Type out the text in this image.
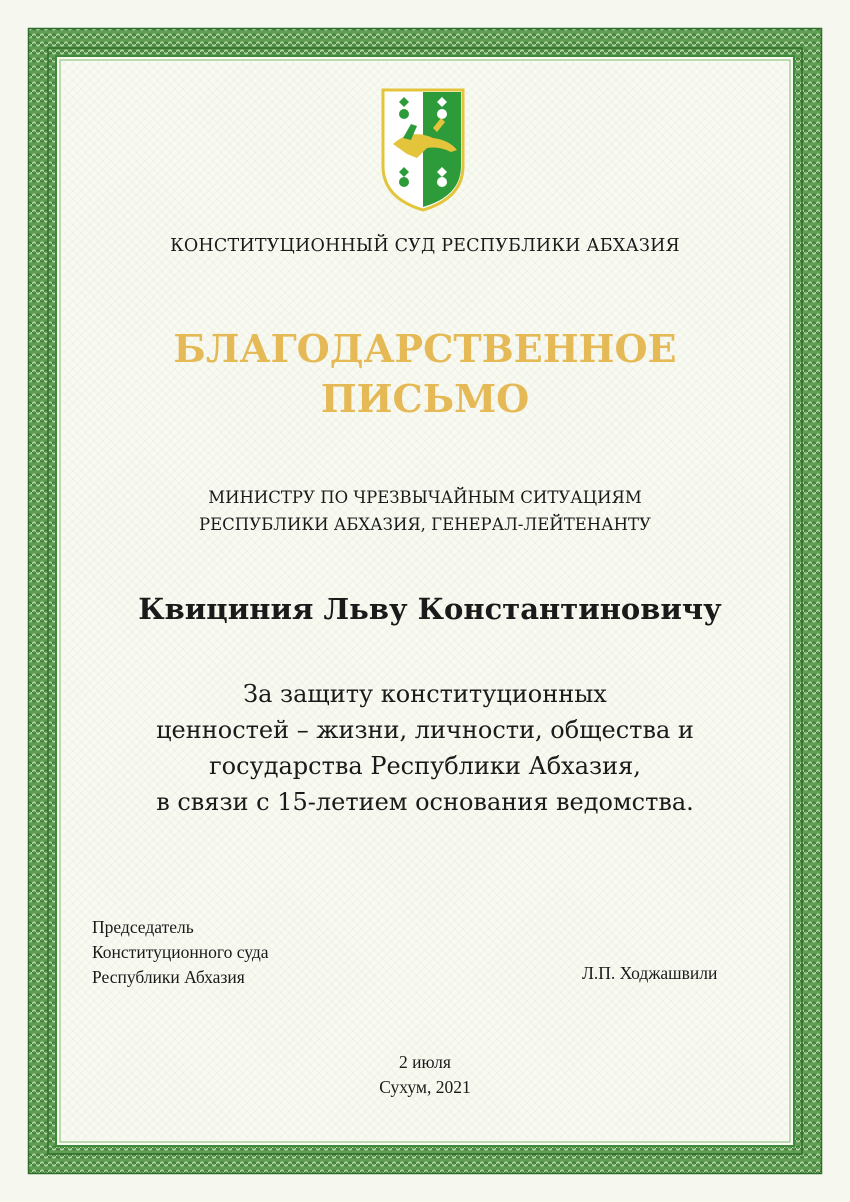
КОНСТИТУЦИОННЫЙ СУД РЕСПУБЛИКИ АБХАЗИЯ
БЛАГОДАРСТВЕННОЕ
ПИСЬМО
МИНИСТРУ ПО ЧРЕЗВЫЧАЙНЫМ СИТУАЦИЯМ
РЕСПУБЛИКИ АБХАЗИЯ, ГЕНЕРАЛ-ЛЕЙТЕНАНТУ
Квициния Льву Константиновичу
За защиту конституционных
ценностей – жизни, личности, общества и
государства Республики Абхазия,
в связи с 15-летием основания ведомства.
Председатель
Конституционного суда
Республики Абхазия	Л.П. Ходжашвили
2 июля
Сухум, 2021
